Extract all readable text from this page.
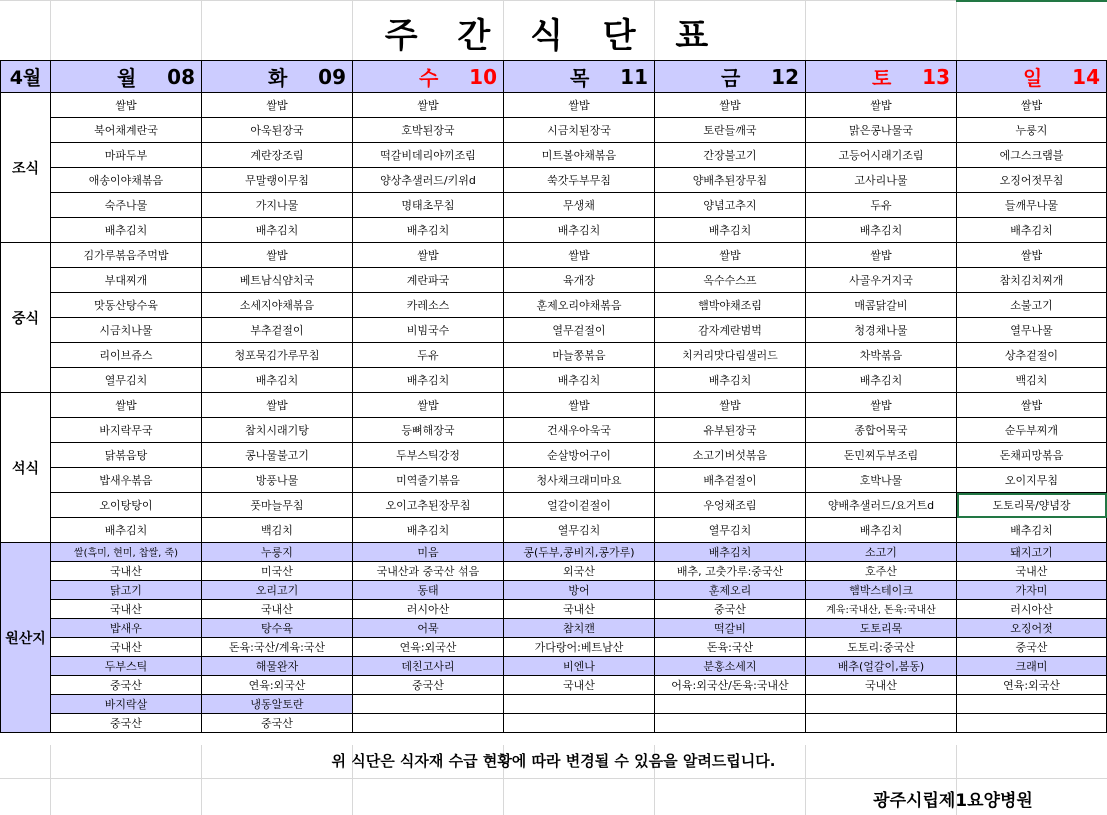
주 간 식 단 표
4월	월 08	화 09	수 10	목 11	금 12	토 13	일 14

조식	쌀밥	쌀밥	쌀밥	쌀밥	쌀밥	쌀밥	쌀밥
	북어채계란국	아욱된장국	호박된장국	시금치된장국	토란들깨국	맑은콩나물국	누룽지
	마파두부	계란장조림	떡갈비데리야끼조림	미트볼야채볶음	간장불고기	고등어시래기조림	에그스크램블
	애송이야채볶음	무말랭이무침	양상추샐러드/키위d	쑥갓두부무침	양배추된장무침	고사리나물	오징어젓무침
	숙주나물	가지나물	명태초무침	무생채	양념고추지	두유	들깨무나물
	배추김치	배추김치	배추김치	배추김치	배추김치	배추김치	배추김치
중식	김가루볶음주먹밥	쌀밥	쌀밥	쌀밥	쌀밥	쌀밥	쌀밥
	부대찌개	베트남식얌치국	계란파국	육개장	옥수수스프	사골우거지국	참치김치찌개
	맛동산탕수육	소세지야채볶음	카레소스	훈제오리야채볶음	햄박야채조림	매콤닭갈비	소불고기
	시금치나물	부추겉절이	비빔국수	열무겉절이	감자계란범벅	청경채나물	열무나물
	리이브쥬스	청포묵김가루무침	두유	마늘쫑볶음	치커리맛다림샐러드	차박볶음	상추겉절이
	열무김치	배추김치	배추김치	배추김치	배추김치	배추김치	백김치
석식	쌀밥	쌀밥	쌀밥	쌀밥	쌀밥	쌀밥	쌀밥
	바지락무국	참치시래기탕	등뼈해장국	건새우아욱국	유부된장국	종합어묵국	순두부찌개
	닭볶음탕	콩나물불고기	두부스틱강정	순살방어구이	소고기버섯볶음	돈민찌두부조림	돈채피망볶음
	밥새우볶음	방풍나물	미역줄기볶음	청사채크래미마요	배추겉절이	호박나물	오이지무침
	오이탕탕이	풋마늘무침	오이고추된장무침	얼갈이겉절이	우엉채조림	양배추샐러드/요거트d	도토리묵/양념장
	배추김치	백김치	배추김치	열무김치	열무김치	배추김치	배추김치
원산지	쌀(흑미, 현미, 찹쌀, 죽)	누룽지	미음	콩(두부,콩비지,콩가루)	배추김치	소고기	돼지고기
	국내산	미국산	국내산과 중국산 섞음	외국산	배추, 고춧가루:중국산	호주산	국내산
	닭고기	오리고기	동태	방어	훈제오리	햄박스테이크	가자미
	국내산	국내산	러시아산	국내산	중국산	계육:국내산, 돈육:국내산	러시아산
	밥새우	탕수육	어묵	참치캔	떡갈비	도토리묵	오징어젓
	국내산	돈육:국산/계육:국산	연육:외국산	가다랑어:베트남산	돈육:국산	도토리:중국산	중국산
	두부스틱	해물완자	데친고사리	비엔나	분홍소세지	배추(얼갈이,봄동)	크래미
	중국산	연육:외국산	중국산	국내산	어육:외국산/돈육:국내산	국내산	연육:외국산
	바지락살	냉동알토란					
	중국산	중국산					
위 식단은 식자재 수급 현황에 따라 변경될 수 있음을 알려드립니다.
광주시립제1요양병원
